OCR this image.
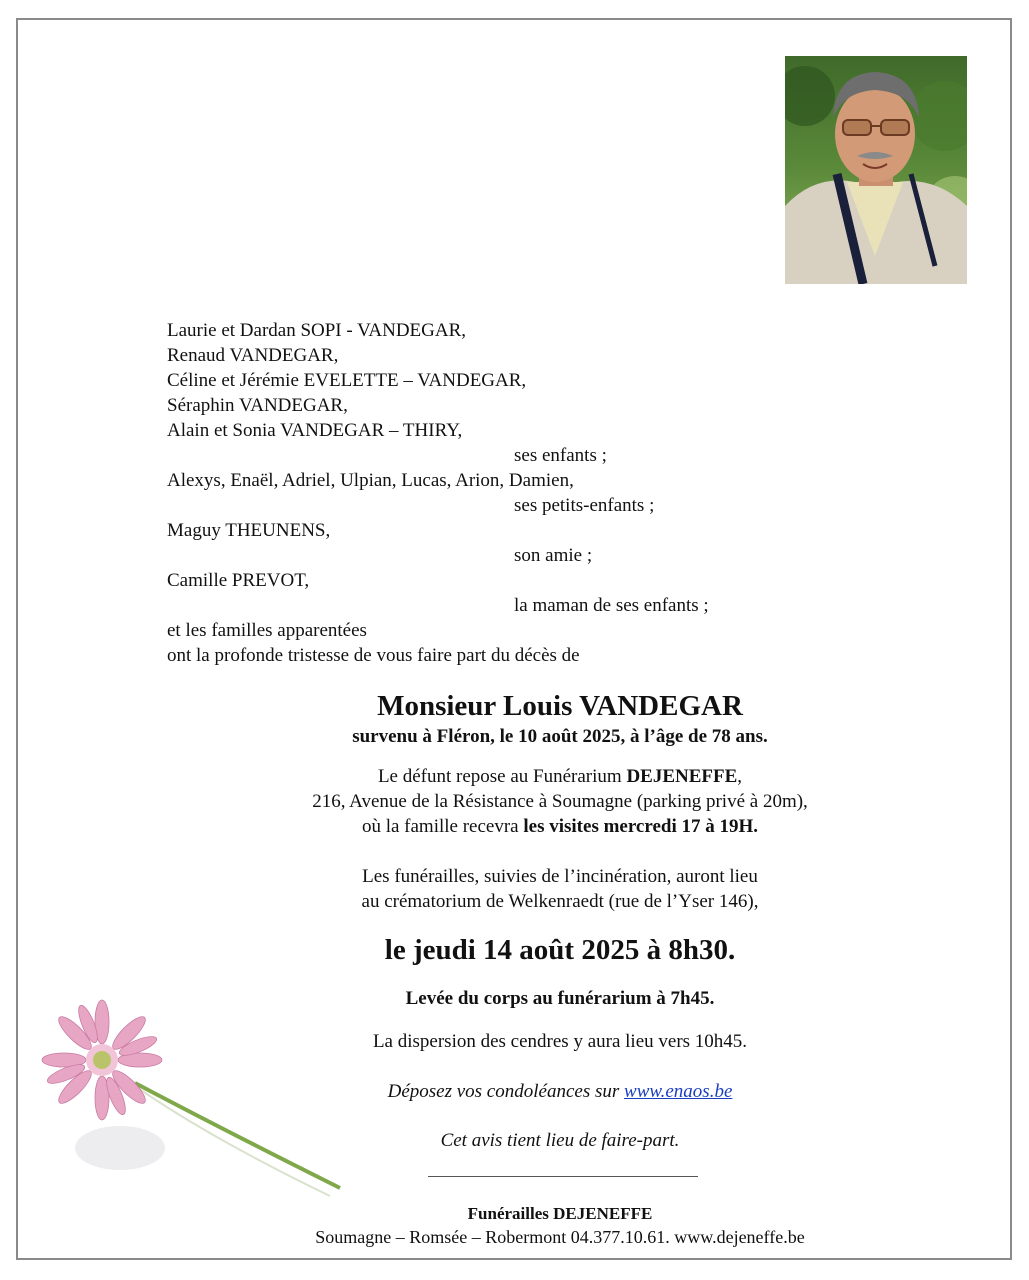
Laurie et Dardan SOPI - VANDEGAR,
Renaud VANDEGAR,
Céline et Jérémie EVELETTE – VANDEGAR,
Séraphin VANDEGAR,
Alain et Sonia VANDEGAR – THIRY,
ses enfants ;
Alexys, Enaël, Adriel, Ulpian, Lucas, Arion, Damien,
ses petits-enfants ;
Maguy THEUNENS,
son amie ;
Camille PREVOT,
la maman de ses enfants ;
et les familles apparentées
ont la profonde tristesse de vous faire part du décès de
Monsieur Louis VANDEGAR
survenu à Fléron, le 10 août 2025, à l’âge de 78 ans.
Le défunt repose au Funérarium DEJENEFFE,
216, Avenue de la Résistance à Soumagne (parking privé à 20m),
où la famille recevra les visites mercredi 17 à 19H.
Les funérailles, suivies de l’incinération, auront lieu
au crématorium de Welkenraedt (rue de l’Yser 146),
le jeudi 14 août 2025 à 8h30.
Levée du corps au funérarium à 7h45.
La dispersion des cendres y aura lieu vers 10h45.
Déposez vos condoléances sur www.enaos.be
Cet avis tient lieu de faire-part.
Funérailles DEJENEFFE
Soumagne – Romsée – Robermont 04.377.10.61. www.dejeneffe.be
